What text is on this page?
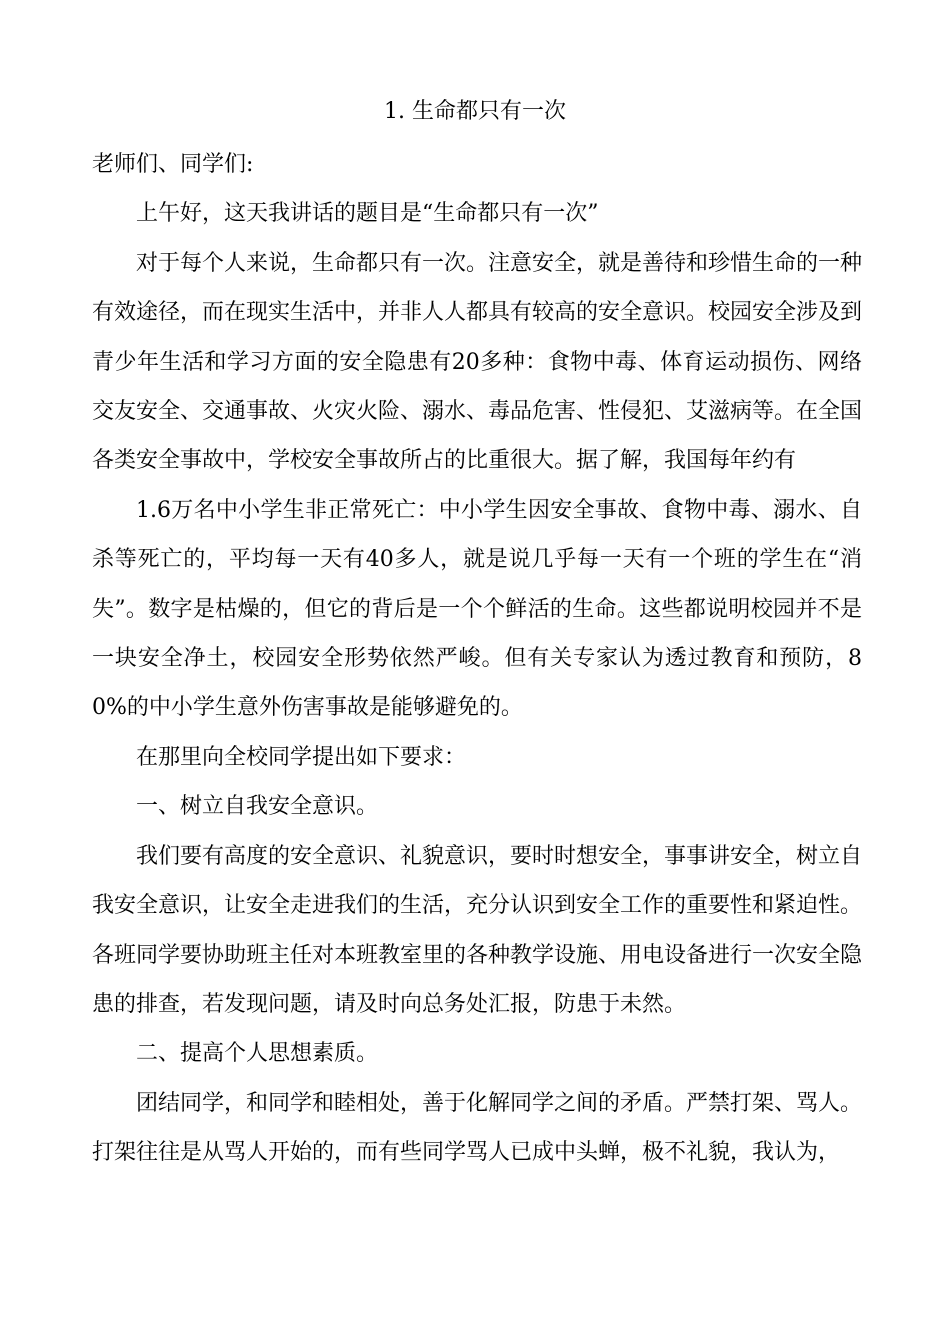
1. 生命都只有一次

老师们、同学们:

上午好，这天我讲话的题目是“生命都只有一次”

对于每个人来说，生命都只有一次。注意安全，就是善待和珍惜生命的一种有效途径，而在现实生活中，并非人人都具有较高的安全意识。校园安全涉及到青少年生活和学习方面的安全隐患有20多种：食物中毒、体育运动损伤、网络交友安全、交通事故、火灾火险、溺水、毒品危害、性侵犯、艾滋病等。在全国各类安全事故中，学校安全事故所占的比重很大。据了解，我国每年约有

1.6万名中小学生非正常死亡：中小学生因安全事故、食物中毒、溺水、自杀等死亡的，平均每一天有40多人，就是说几乎每一天有一个班的学生在“消失”。数字是枯燥的，但它的背后是一个个鲜活的生命。这些都说明校园并不是一块安全净土，校园安全形势依然严峻。但有关专家认为透过教育和预防，80%的中小学生意外伤害事故是能够避免的。

在那里向全校同学提出如下要求：

一、树立自我安全意识。

我们要有高度的安全意识、礼貌意识，要时时想安全，事事讲安全，树立自我安全意识，让安全走进我们的生活，充分认识到安全工作的重要性和紧迫性。各班同学要协助班主任对本班教室里的各种教学设施、用电设备进行一次安全隐患的排查，若发现问题，请及时向总务处汇报，防患于未然。

二、提高个人思想素质。

团结同学，和同学和睦相处，善于化解同学之间的矛盾。严禁打架、骂人。打架往往是从骂人开始的，而有些同学骂人已成中头蝉，极不礼貌，我认为，
